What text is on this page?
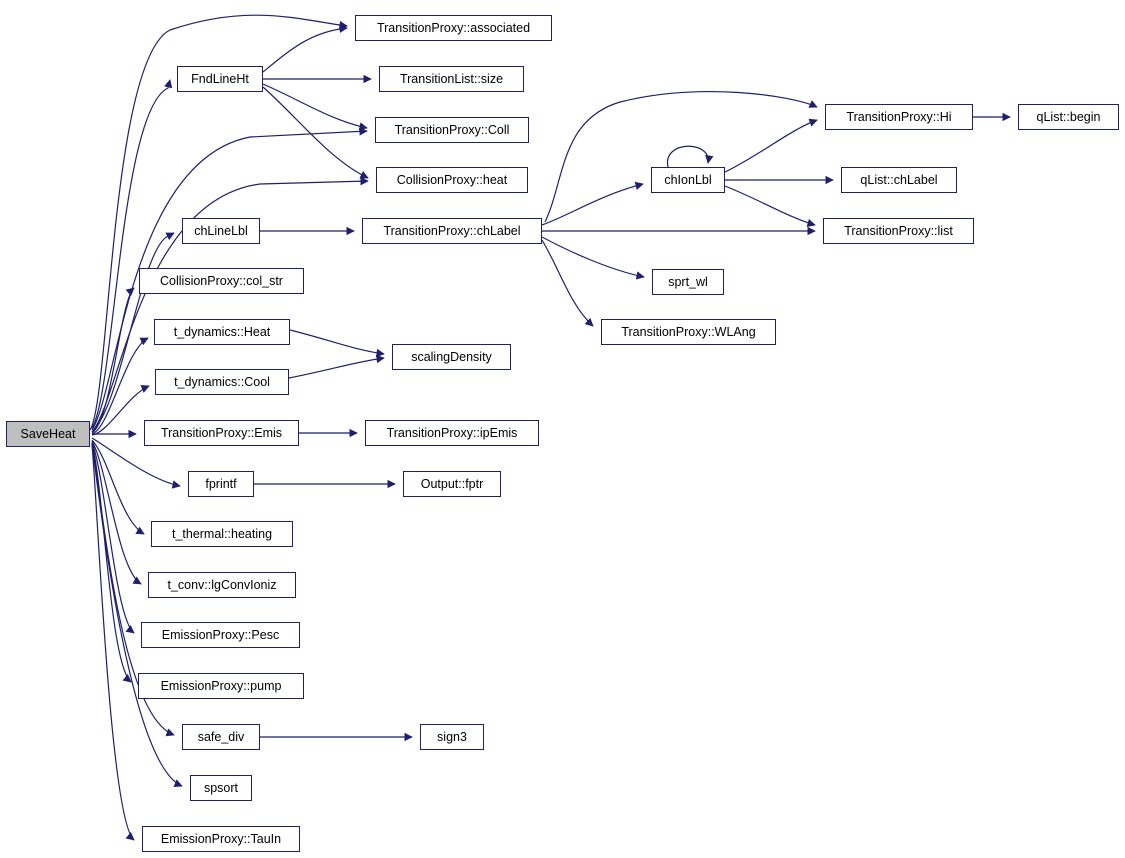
SaveHeat
TransitionProxy::associated
FndLineHt	TransitionList::size
TransitionProxy::Coll
CollisionProxy::heat
chLineLbl	TransitionProxy::chLabel
chIonLbl
TransitionProxy::Hi	qList::begin
qList::chLabel
TransitionProxy::list
sprt_wl
TransitionProxy::WLAng
CollisionProxy::col_str
t_dynamics::Heat
scalingDensity
t_dynamics::Cool
TransitionProxy::Emis	TransitionProxy::ipEmis
fprintf	Output::fptr
t_thermal::heating
t_conv::lgConvIoniz
EmissionProxy::Pesc
EmissionProxy::pump
safe_div	sign3
spsort
EmissionProxy::TauIn
